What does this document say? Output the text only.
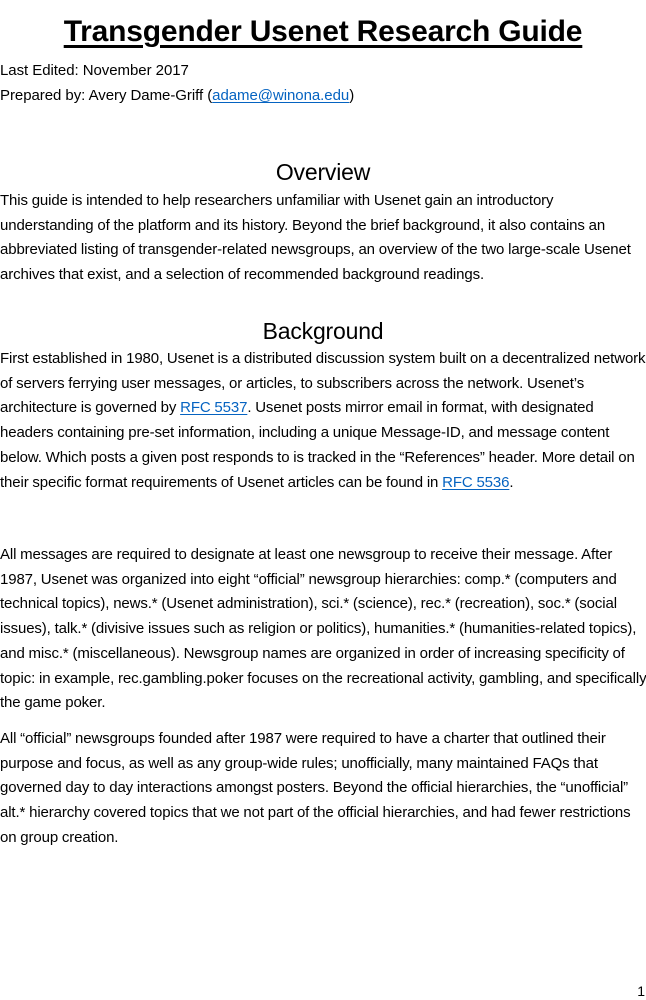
Transgender Usenet Research Guide
Last Edited: November 2017
Prepared by: Avery Dame-Griff (adame@winona.edu)
Overview

This guide is intended to help researchers unfamiliar with Usenet gain an introductory understanding of the platform and its history. Beyond the brief background, it also contains an abbreviated listing of transgender-related newsgroups, an overview of the two large-scale Usenet archives that exist, and a selection of recommended background readings.

Background

First established in 1980, Usenet is a distributed discussion system built on a decentralized network of servers ferrying user messages, or articles, to subscribers across the network. Usenet’s architecture is governed by RFC 5537. Usenet posts mirror email in format, with designated headers containing pre-set information, including a unique Message-ID, and message content below. Which posts a given post responds to is tracked in the “References” header. More detail on their specific format requirements of Usenet articles can be found in RFC 5536.

All messages are required to designate at least one newsgroup to receive their message. After 1987, Usenet was organized into eight “official” newsgroup hierarchies: comp.* (computers and technical topics), news.* (Usenet administration), sci.* (science), rec.* (recreation), soc.* (social issues), talk.* (divisive issues such as religion or politics), humanities.* (humanities-related topics), and misc.* (miscellaneous). Newsgroup names are organized in order of increasing specificity of topic: in example, rec.gambling.poker focuses on the recreational activity, gambling, and specifically the game poker.

All “official” newsgroups founded after 1987 were required to have a charter that outlined their purpose and focus, as well as any group-wide rules; unofficially, many maintained FAQs that governed day to day interactions amongst posters. Beyond the official hierarchies, the “unofficial” alt.* hierarchy covered topics that we not part of the official hierarchies, and had fewer restrictions on group creation.

1
